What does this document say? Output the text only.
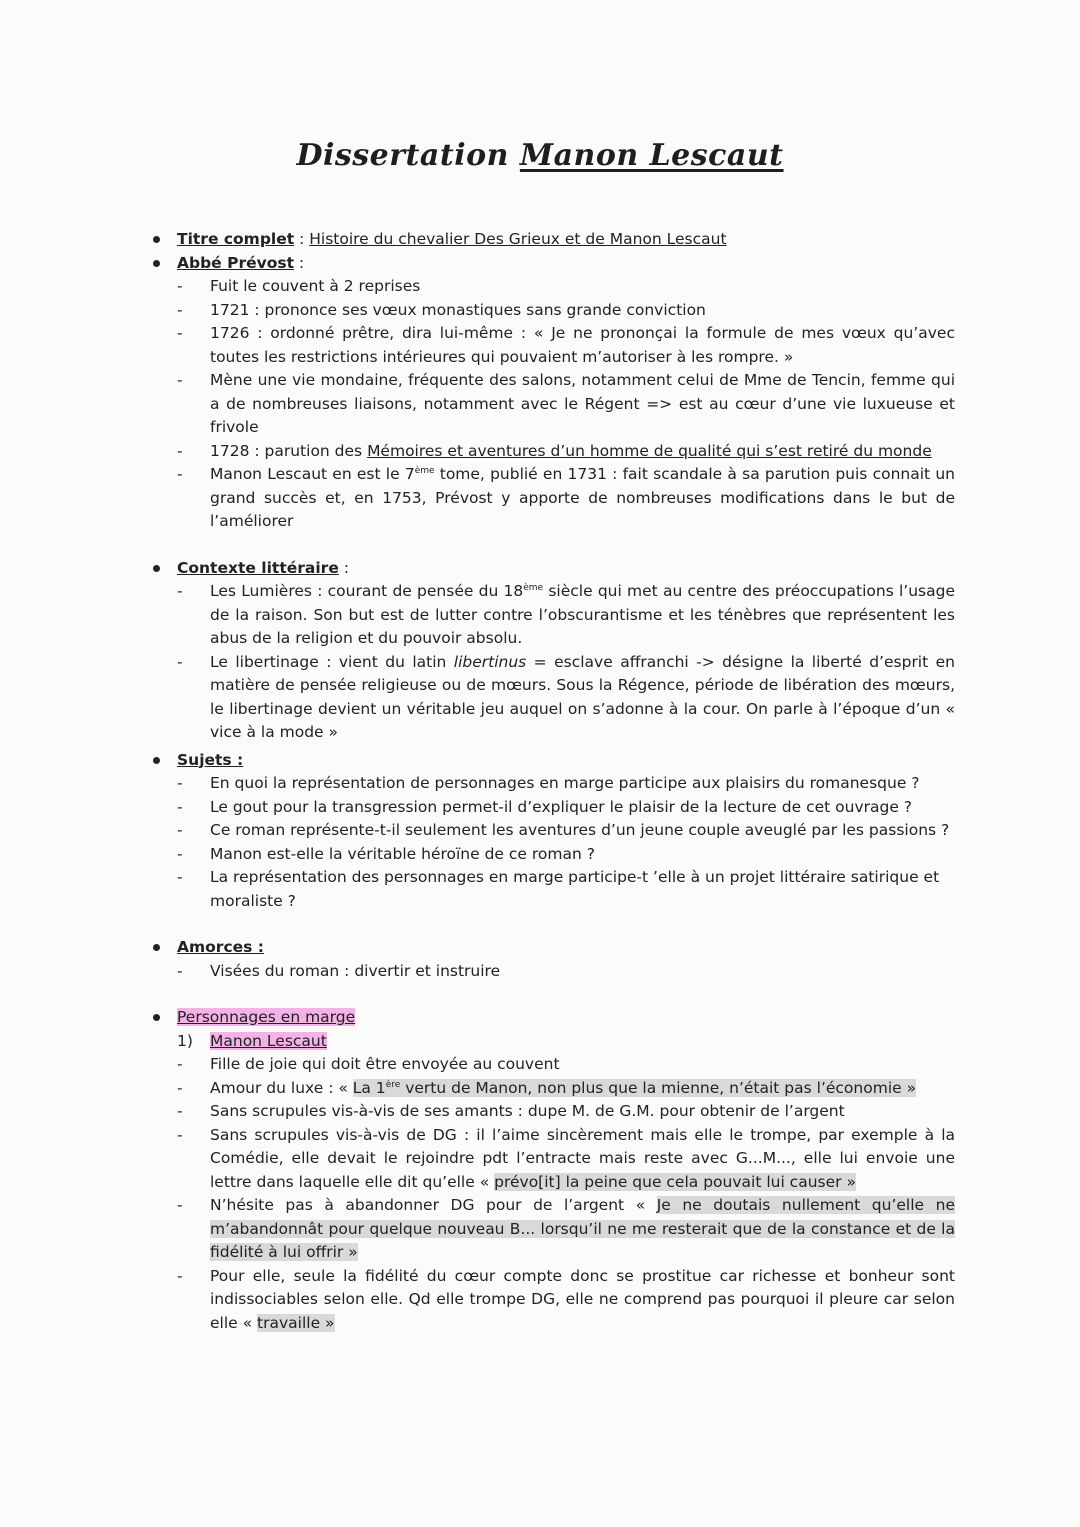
Dissertation Manon Lescaut
Titre complet : Histoire du chevalier Des Grieux et de Manon Lescaut
Abbé Prévost :
- Fuit le couvent à 2 reprises
- 1721 : prononce ses vœux monastiques sans grande conviction
- 1726 : ordonné prêtre, dira lui-même : « Je ne prononçai la formule de mes vœux qu’avec toutes les restrictions intérieures qui pouvaient m’autoriser à les rompre. »
- Mène une vie mondaine, fréquente des salons, notamment celui de Mme de Tencin, femme qui a de nombreuses liaisons, notamment avec le Régent => est au cœur d’une vie luxueuse et frivole
- 1728 : parution des Mémoires et aventures d’un homme de qualité qui s’est retiré du monde
- Manon Lescaut en est le 7ème tome, publié en 1731 : fait scandale à sa parution puis connait un grand succès et, en 1753, Prévost y apporte de nombreuses modifications dans le but de l’améliorer
Contexte littéraire :
- Les Lumières : courant de pensée du 18ème siècle qui met au centre des préoccupations l’usage de la raison. Son but est de lutter contre l’obscurantisme et les ténèbres que représentent les abus de la religion et du pouvoir absolu.
- Le libertinage : vient du latin libertinus = esclave affranchi -> désigne la liberté d’esprit en matière de pensée religieuse ou de mœurs. Sous la Régence, période de libération des mœurs, le libertinage devient un véritable jeu auquel on s’adonne à la cour. On parle à l’époque d’un « vice à la mode »
Sujets :
- En quoi la représentation de personnages en marge participe aux plaisirs du romanesque ?
- Le gout pour la transgression permet-il d’expliquer le plaisir de la lecture de cet ouvrage ?
- Ce roman représente-t-il seulement les aventures d’un jeune couple aveuglé par les passions ?
- Manon est-elle la véritable héroïne de ce roman ?
- La représentation des personnages en marge participe-t ’elle à un projet littéraire satirique et moraliste ?
Amorces :
- Visées du roman : divertir et instruire
Personnages en marge
1) Manon Lescaut
- Fille de joie qui doit être envoyée au couvent
- Amour du luxe : « La 1ère vertu de Manon, non plus que la mienne, n’était pas l’économie »
- Sans scrupules vis-à-vis de ses amants : dupe M. de G.M. pour obtenir de l’argent
- Sans scrupules vis-à-vis de DG : il l’aime sincèrement mais elle le trompe, par exemple à la Comédie, elle devait le rejoindre pdt l’entracte mais reste avec G...M..., elle lui envoie une lettre dans laquelle elle dit qu’elle « prévo[it] la peine que cela pouvait lui causer »
- N’hésite pas à abandonner DG pour de l’argent « Je ne doutais nullement qu’elle ne m’abandonnât pour quelque nouveau B... lorsqu’il ne me resterait que de la constance et de la fidélité à lui offrir »
- Pour elle, seule la fidélité du cœur compte donc se prostitue car richesse et bonheur sont indissociables selon elle. Qd elle trompe DG, elle ne comprend pas pourquoi il pleure car selon elle « travaille »
